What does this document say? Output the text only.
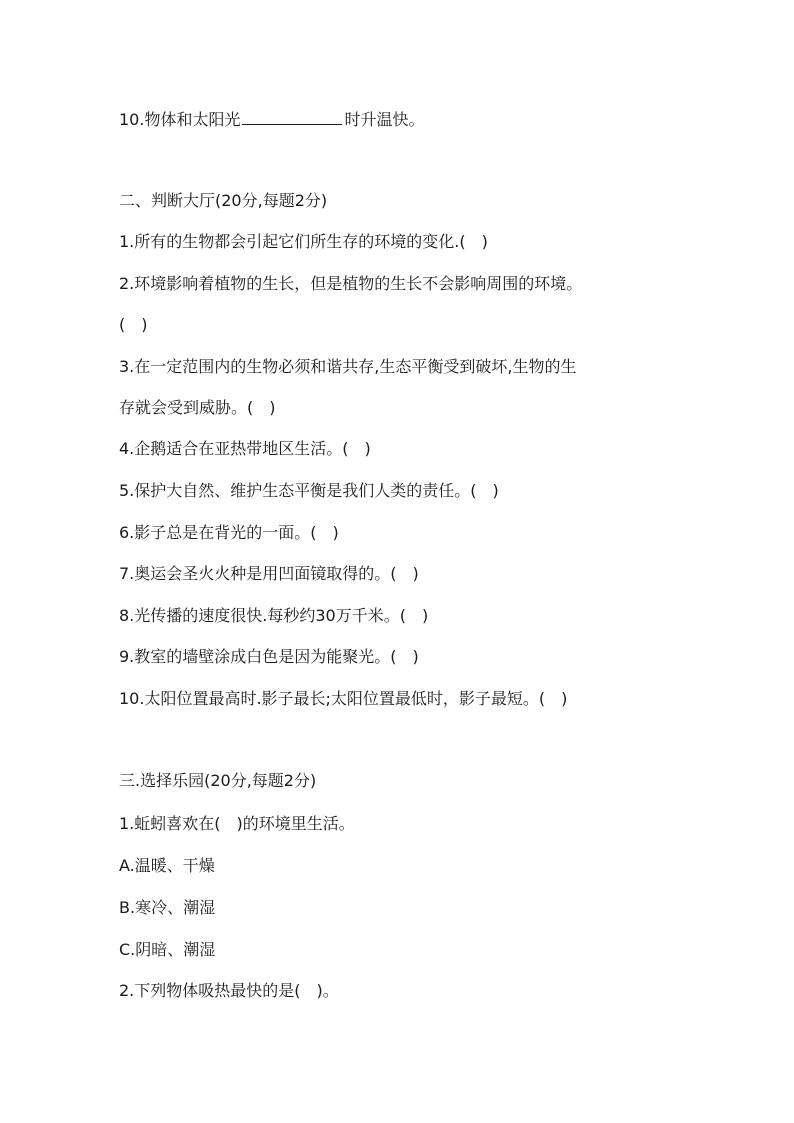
10.物体和太阳光	时升温快。
二、判断大厅(20分,每题2分)
1.所有的生物都会引起它们所生存的环境的变化.(　)
2.环境影响着植物的生长，但是植物的生长不会影响周围的环境。
(　)
3.在一定范围内的生物必须和谐共存,生态平衡受到破坏,生物的生
存就会受到威胁。(　)
4.企鹅适合在亚热带地区生活。(　)
5.保护大自然、维护生态平衡是我们人类的责任。(　)
6.影子总是在背光的一面。(　)
7.奥运会圣火火种是用凹面镜取得的。(　)
8.光传播的速度很快.每秒约30万千米。(　)
9.教室的墙壁涂成白色是因为能聚光。(　)
10.太阳位置最高时.影子最长;太阳位置最低时，影子最短。(　)
三.选择乐园(20分,每题2分)
1.蚯蚓喜欢在(　)的环境里生活。
A.温暖、干燥
B.寒冷、潮湿
C.阴暗、潮湿
2.下列物体吸热最快的是(　)。
